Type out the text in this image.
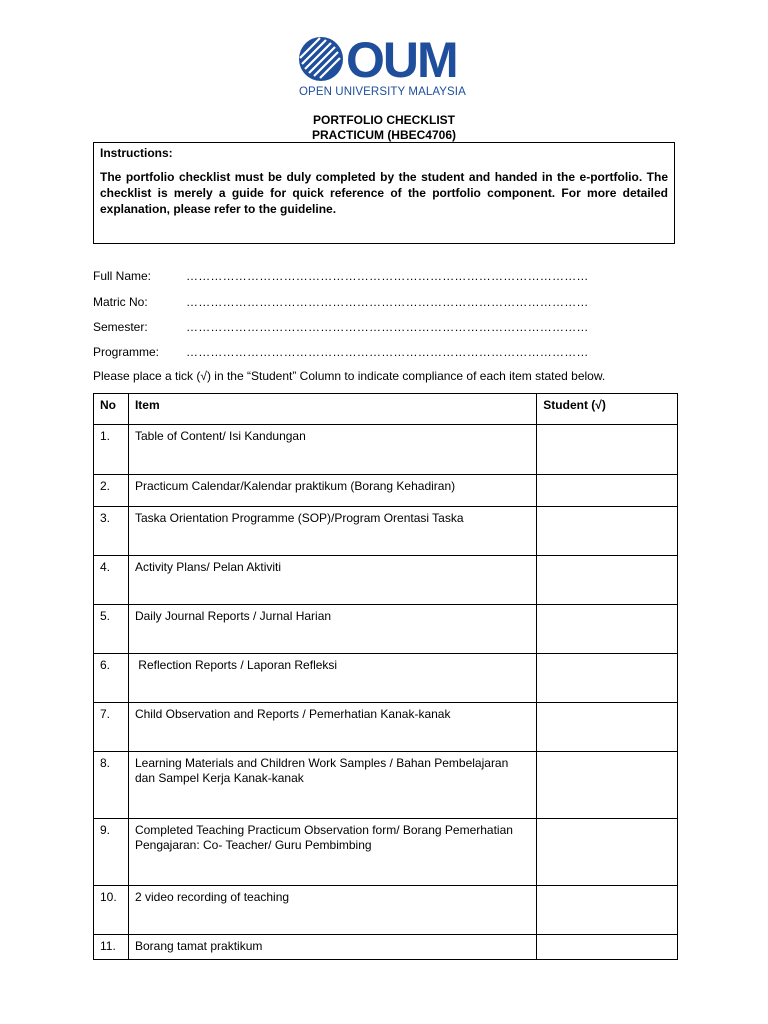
OUM
OPEN UNIVERSITY MALAYSIA
PORTFOLIO CHECKLIST
PRACTICUM (HBEC4706)
Instructions:
The portfolio checklist must be duly completed by the student and handed in the e-portfolio. The checklist is merely a guide for quick reference of the portfolio component. For more detailed explanation, please refer to the guideline.
Full Name:	………………………………………………………………………………………
Matric No:	………………………………………………………………………………………
Semester:	………………………………………………………………………………………
Programme: ………………………………………………………………………………………
Please place a tick (√) in the “Student” Column to indicate compliance of each item stated below.
No	Item	Student (√)
1.	Table of Content/ Isi Kandungan	
2.	Practicum Calendar/Kalendar praktikum (Borang Kehadiran)	
3.	Taska Orientation Programme (SOP)/Program Orentasi Taska	
4.	Activity Plans/ Pelan Aktiviti	
5.	Daily Journal Reports / Jurnal Harian	
6.	Reflection Reports / Laporan Refleksi	
7.	Child Observation and Reports / Pemerhatian Kanak-kanak	
8.	Learning Materials and Children Work Samples / Bahan Pembelajaran dan Sampel Kerja Kanak-kanak	
9.	Completed Teaching Practicum Observation form/ Borang Pemerhatian Pengajaran: Co- Teacher/ Guru Pembimbing	
10.	2 video recording of teaching	
11.	Borang tamat praktikum	
